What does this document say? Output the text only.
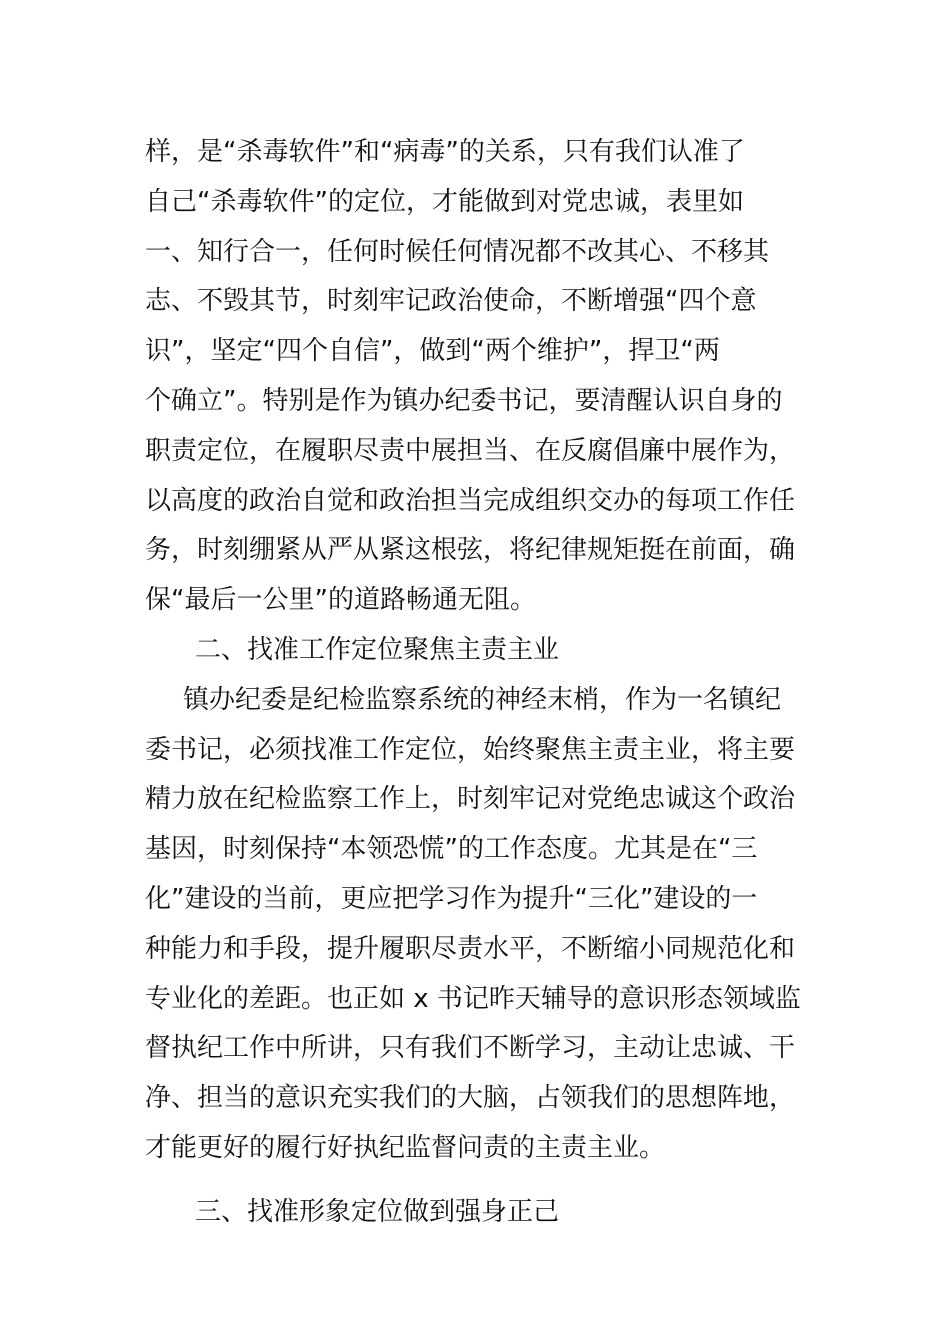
样，是“杀毒软件”和“病毒”的关系，只有我们认准了
自己“杀毒软件”的定位，才能做到对党忠诚，表里如
一、知行合一，任何时候任何情况都不改其心、不移其
志、不毁其节，时刻牢记政治使命，不断增强“四个意
识”，坚定“四个自信”，做到“两个维护”，捍卫“两
个确立”。特别是作为镇办纪委书记，要清醒认识自身的
职责定位，在履职尽责中展担当、在反腐倡廉中展作为，
以高度的政治自觉和政治担当完成组织交办的每项工作任
务，时刻绷紧从严从紧这根弦，将纪律规矩挺在前面，确
保“最后一公里”的道路畅通无阻。
二、找准工作定位聚焦主责主业
镇办纪委是纪检监察系统的神经末梢，作为一名镇纪
委书记，必须找准工作定位，始终聚焦主责主业，将主要
精力放在纪检监察工作上，时刻牢记对党绝忠诚这个政治
基因，时刻保持“本领恐慌”的工作态度。尤其是在“三
化”建设的当前，更应把学习作为提升“三化”建设的一
种能力和手段，提升履职尽责水平，不断缩小同规范化和
专业化的差距。也正如 x 书记昨天辅导的意识形态领域监
督执纪工作中所讲，只有我们不断学习，主动让忠诚、干
净、担当的意识充实我们的大脑，占领我们的思想阵地，
才能更好的履行好执纪监督问责的主责主业。
三、找准形象定位做到强身正己
